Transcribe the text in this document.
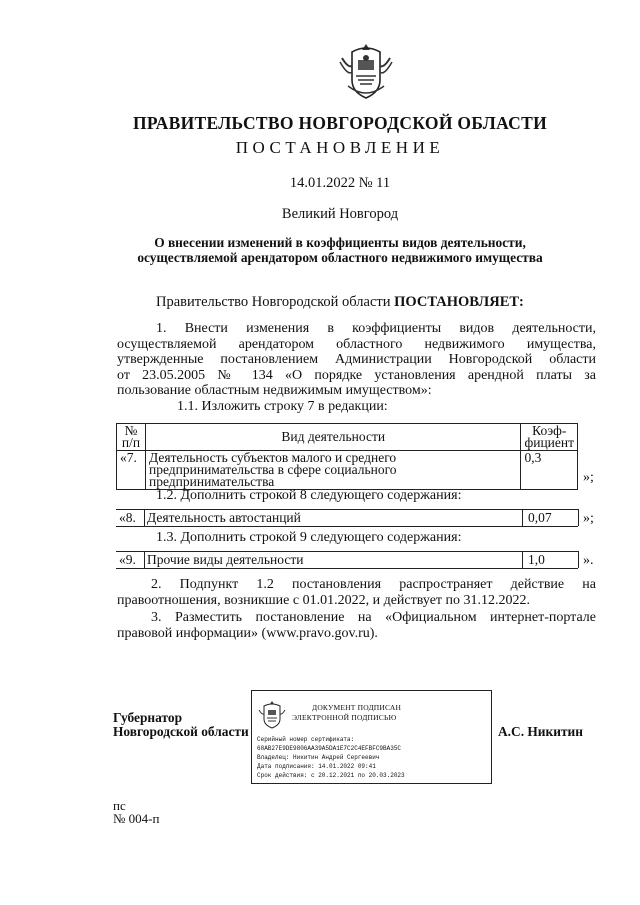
ПРАВИТЕЛЬСТВО НОВГОРОДСКОЙ ОБЛАСТИ
ПОСТАНОВЛЕНИЕ
14.01.2022 № 11
Великий Новгород
О внесении изменений в коэффициенты видов деятельности,
осуществляемой арендатором областного недвижимого имущества
Правительство Новгородской области ПОСТАНОВЛЯЕТ:
1. Внести изменения в коэффициенты видов деятельности,
осуществляемой арендатором областного недвижимого имущества,
утвержденные постановлением Администрации Новгородской области
от 23.05.2005 № 134 «О порядке установления арендной платы за
пользование областным недвижимым имуществом»:
1.1. Изложить строку 7 в редакции:
№ п/п	Вид деятельности	Коэф-фициент
«7.	Деятельность субъектов малого и среднего предпринимательства в сфере социального предпринимательства	0,3
»;
1.2. Дополнить строкой 8 следующего содержания:
«8. Деятельность автостанций	0,07 »;
1.3. Дополнить строкой 9 следующего содержания:
«9. Прочие виды деятельности	1,0	».
2. Подпункт 1.2 постановления распространяет действие на
правоотношения, возникшие с 01.01.2022, и действует по 31.12.2022.
3. Разместить постановление на «Официальном интернет-портале
правовой информации» (www.pravo.gov.ru).
Губернатор
Новгородской области
ДОКУМЕНТ ПОДПИСАН
ЭЛЕКТРОННОЙ ПОДПИСЬЮ
Серийный номер сертификата:
68AB27E9DE9806AA39A5DA1E7C2C4EFBFC9BA35C
Владелец: Никитин Андрей Сергеевич
Дата подписания: 14.01.2022 09:41
Срок действия: с 20.12.2021 по 20.03.2023
А.С. Никитин
пс
№ 004-п
